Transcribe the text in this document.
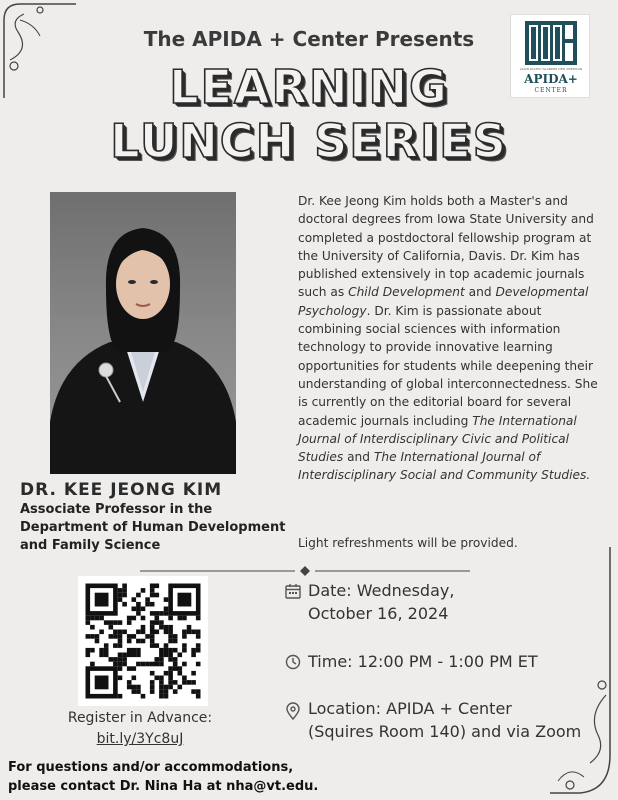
The APIDA + Center Presents
LEARNING
LUNCH SERIES
ASIAN PACIFIC ISLANDER DESI AMERICAN
APIDA+
CENTER
DR. KEE JEONG KIM
Associate Professor in the Department of Human Development and Family Science
Dr. Kee Jeong Kim holds both a Master's and doctoral degrees from Iowa State University and completed a postdoctoral fellowship program at the University of California, Davis. Dr. Kim has published extensively in top academic journals such as Child Development and Developmental Psychology. Dr. Kim is passionate about combining social sciences with information technology to provide innovative learning opportunities for students while deepening their understanding of global interconnectedness. She is currently on the editorial board for several academic journals including The International Journal of Interdisciplinary Civic and Political Studies and The International Journal of Interdisciplinary Social and Community Studies.
Light refreshments will be provided.
Register in Advance:
bit.ly/3Yc8uJ
Date: Wednesday,
October 16, 2024
Time: 12:00 PM - 1:00 PM ET
Location: APIDA + Center
(Squires Room 140) and via Zoom
For questions and/or accommodations,
please contact Dr. Nina Ha at nha@vt.edu.
